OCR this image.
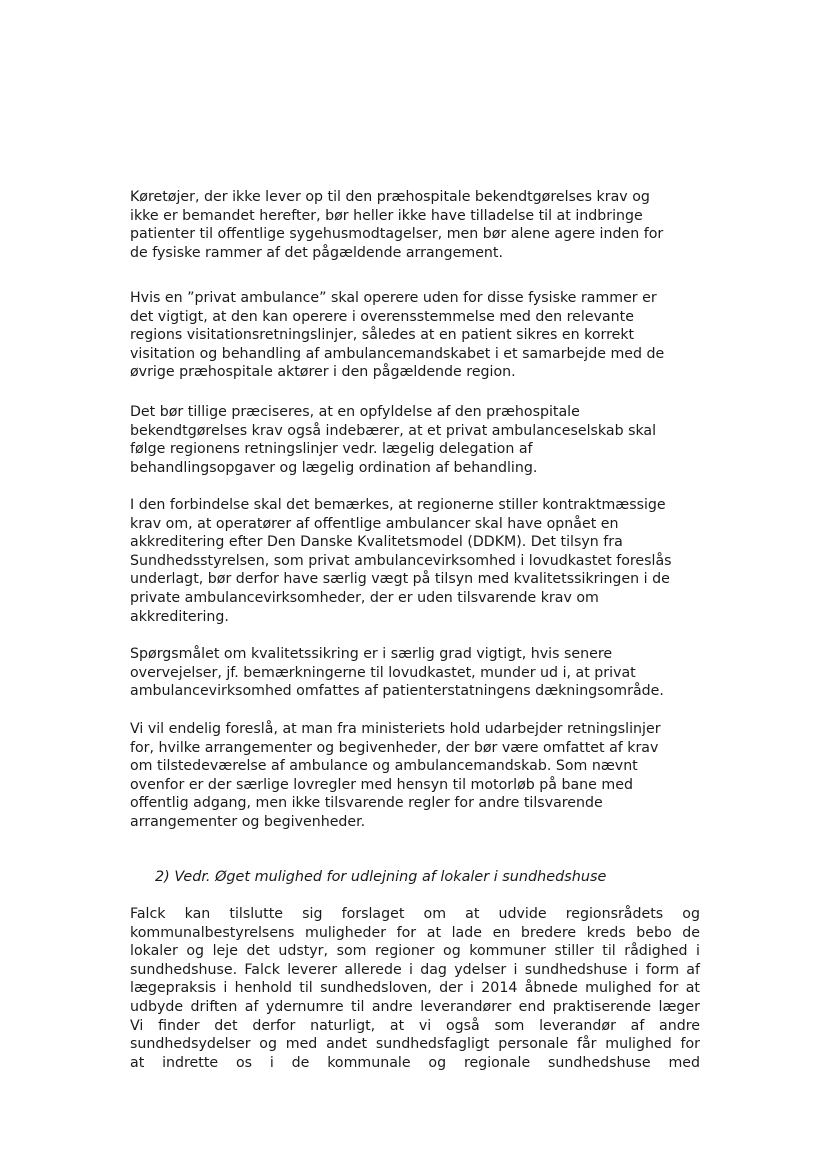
Køretøjer, der ikke lever op til den præhospitale bekendtgørelses krav og
ikke er bemandet herefter, bør heller ikke have tilladelse til at indbringe
patienter til offentlige sygehusmodtagelser, men bør alene agere inden for
de fysiske rammer af det pågældende arrangement.
Hvis en ”privat ambulance” skal operere uden for disse fysiske rammer er
det vigtigt, at den kan operere i overensstemmelse med den relevante
regions visitationsretningslinjer, således at en patient sikres en korrekt
visitation og behandling af ambulancemandskabet i et samarbejde med de
øvrige præhospitale aktører i den pågældende region.
Det bør tillige præciseres, at en opfyldelse af den præhospitale
bekendtgørelses krav også indebærer, at et privat ambulanceselskab skal
følge regionens retningslinjer vedr. lægelig delegation af
behandlingsopgaver og lægelig ordination af behandling.
I den forbindelse skal det bemærkes, at regionerne stiller kontraktmæssige
krav om, at operatører af offentlige ambulancer skal have opnået en
akkreditering efter Den Danske Kvalitetsmodel (DDKM). Det tilsyn fra
Sundhedsstyrelsen, som privat ambulancevirksomhed i lovudkastet foreslås
underlagt, bør derfor have særlig vægt på tilsyn med kvalitetssikringen i de
private ambulancevirksomheder, der er uden tilsvarende krav om
akkreditering.
Spørgsmålet om kvalitetssikring er i særlig grad vigtigt, hvis senere
overvejelser, jf. bemærkningerne til lovudkastet, munder ud i, at privat
ambulancevirksomhed omfattes af patienterstatningens dækningsområde.
Vi vil endelig foreslå, at man fra ministeriets hold udarbejder retningslinjer
for, hvilke arrangementer og begivenheder, der bør være omfattet af krav
om tilstedeværelse af ambulance og ambulancemandskab. Som nævnt
ovenfor er der særlige lovregler med hensyn til motorløb på bane med
offentlig adgang, men ikke tilsvarende regler for andre tilsvarende
arrangementer og begivenheder.
2) Vedr. Øget mulighed for udlejning af lokaler i sundhedshuse
Falck kan tilslutte sig forslaget om at udvide regionsrådets og
kommunalbestyrelsens muligheder for at lade en bredere kreds bebo de
lokaler og leje det udstyr, som regioner og kommuner stiller til rådighed i
sundhedshuse. Falck leverer allerede i dag ydelser i sundhedshuse i form af
lægepraksis i henhold til sundhedsloven, der i 2014 åbnede mulighed for at
udbyde driften af ydernumre til andre leverandører end praktiserende læger
Vi finder det derfor naturligt, at vi også som leverandør af andre
sundhedsydelser og med andet sundhedsfagligt personale får mulighed for
at indrette os i de kommunale og regionale sundhedshuse med
